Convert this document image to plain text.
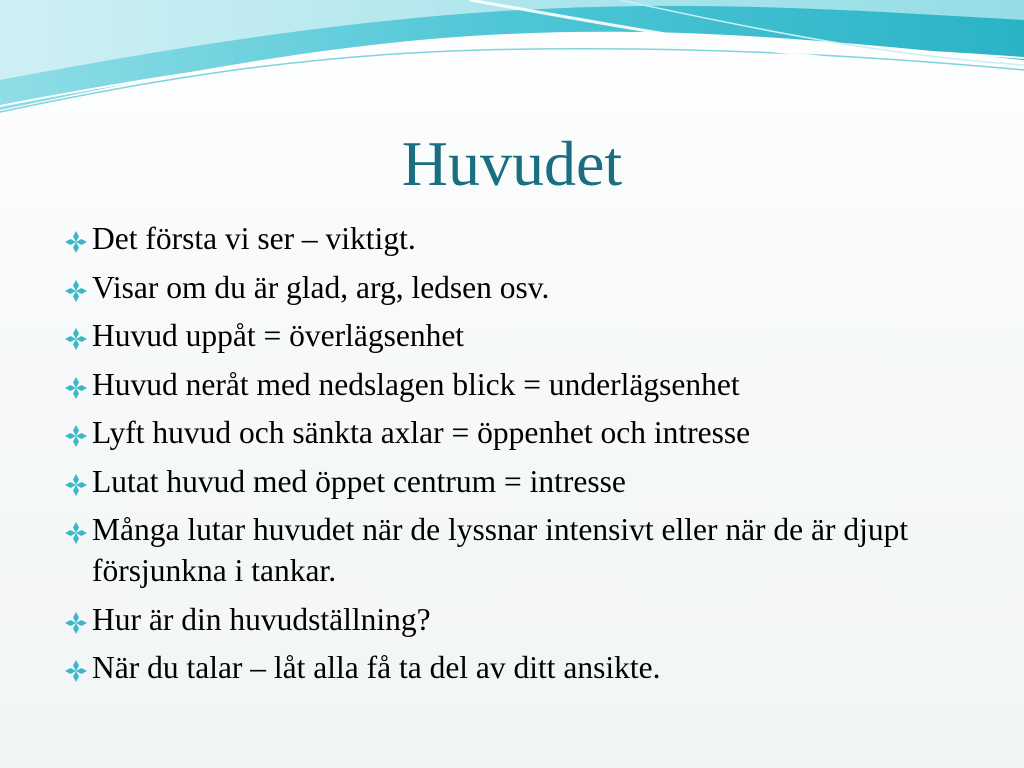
Huvudet
Det första vi ser – viktigt.
Visar om du är glad, arg, ledsen osv.
Huvud uppåt = överlägsenhet
Huvud neråt med nedslagen blick = underlägsenhet
Lyft huvud och sänkta axlar = öppenhet och intresse
Lutat huvud med öppet centrum = intresse
Många lutar huvudet när de lyssnar intensivt eller när de är djupt försjunkna i tankar.
Hur är din huvudställning?
När du talar – låt alla få ta del av ditt ansikte.
